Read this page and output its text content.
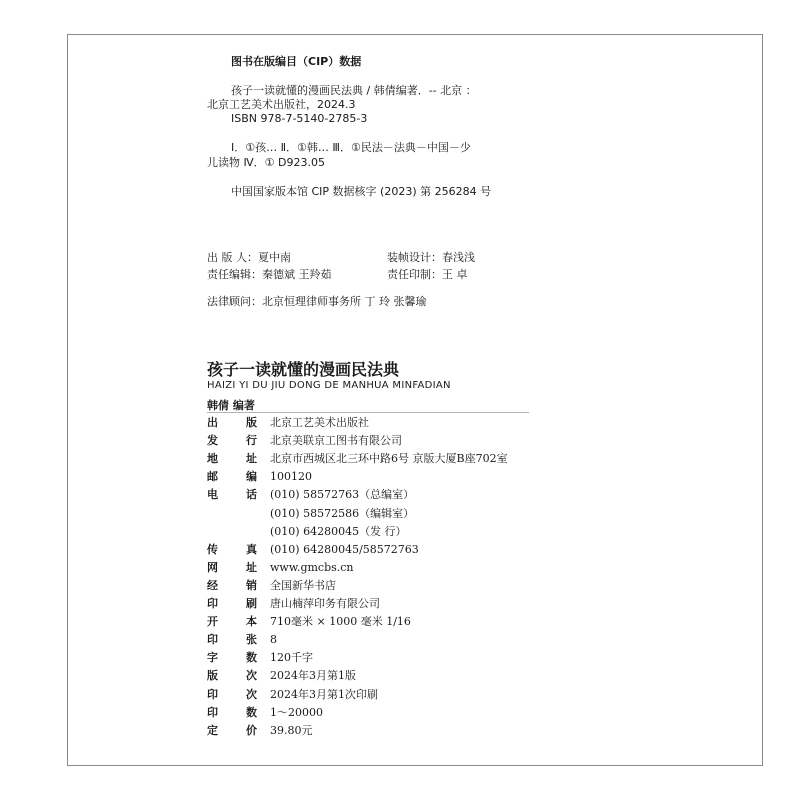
图书在版编目（CIP）数据
孩子一读就懂的漫画民法典 / 韩倩编著．-- 北京 ：
北京工艺美术出版社，2024.3
ISBN 978-7-5140-2785-3
Ⅰ．①孩… Ⅱ．①韩… Ⅲ．①民法－法典－中国－少
儿读物 Ⅳ．① D923.05
中国国家版本馆 CIP 数据核字 (2023) 第 256284 号
出 版 人：夏中南	装帧设计：春浅浅
责任编辑：秦德斌 王羚茹	责任印制：王 卓
法律顾问：北京恒理律师事务所 丁 玲 张馨瑜
孩子一读就懂的漫画民法典
HAIZI YI DU JIU DONG DE MANHUA MINFADIAN
韩倩 编著
出	版 北京工艺美术出版社
发	行 北京美联京工图书有限公司
地	址 北京市西城区北三环中路6号 京版大厦B座702室
邮	编 100120
电	话 (010) 58572763（总编室）
(010) 58572586（编辑室）
(010) 64280045（发 行）
传	真 (010) 64280045/58572763
网	址 www.gmcbs.cn
经	销 全国新华书店
印	刷 唐山楠萍印务有限公司
开	本 710毫米 × 1000 毫米 1/16
印	张 8
字	数 120千字
版	次 2024年3月第1版
印	次 2024年3月第1次印刷
印	数 1～20000
定	价 39.80元
